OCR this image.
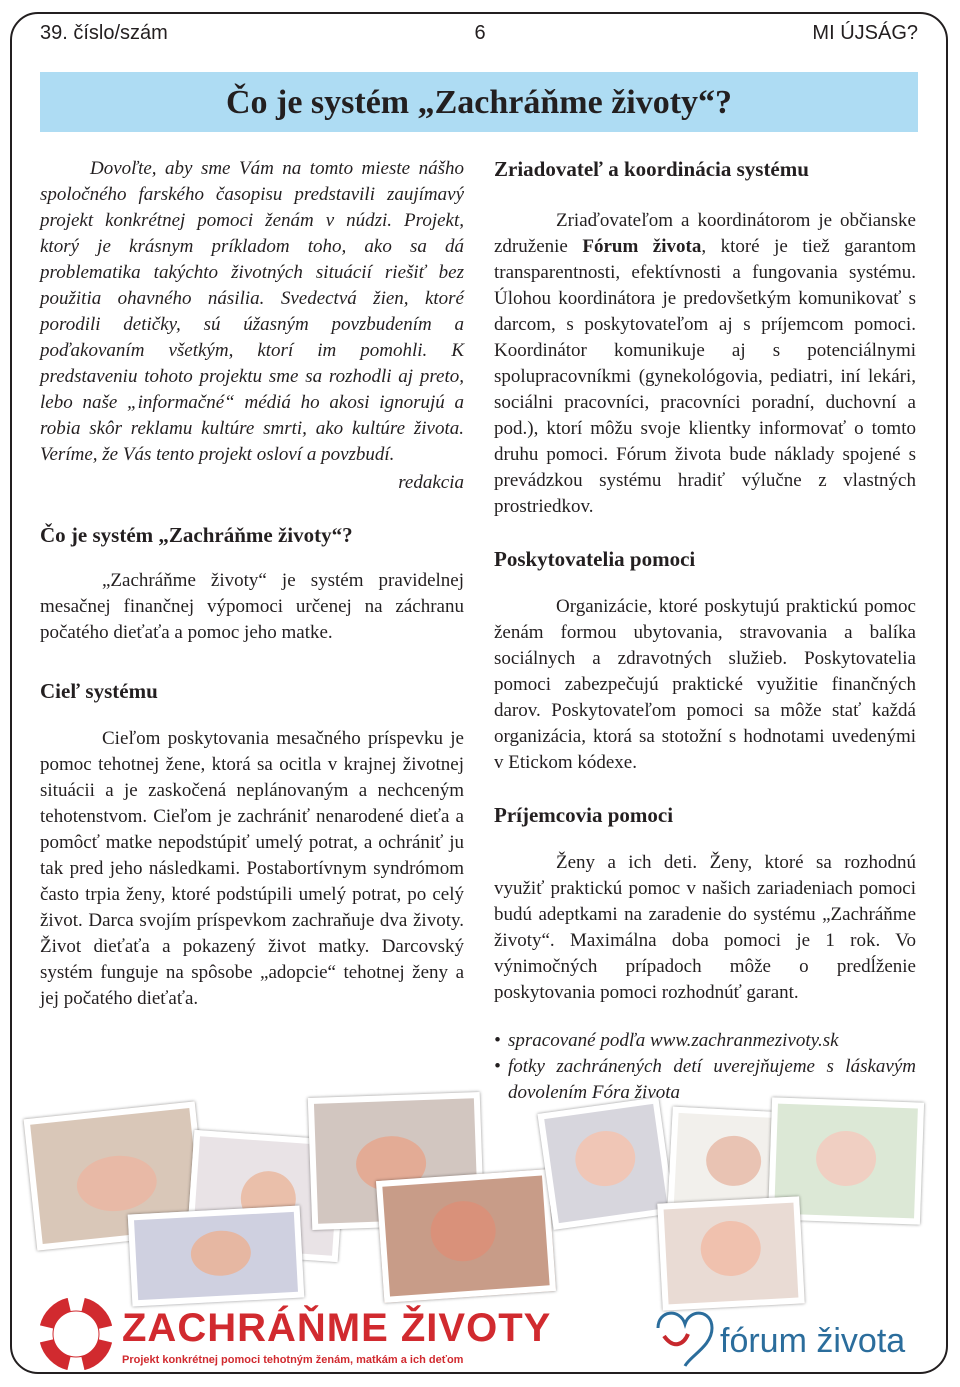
39. číslo/szám	6	MI ÚJSÁG?
Čo je systém „Zachráňme životy“?

Dovoľte, aby sme Vám na tomto mieste nášho spoločného farského časopisu predstavili zaujímavý projekt konkrétnej pomoci ženám v núdzi. Projekt, ktorý je krásnym príkladom toho, ako sa dá problematika takýchto životných situácií riešiť bez použitia ohavného násilia. Svedectvá žien, ktoré porodili detičky, sú úžasným povzbudením a poďakovaním všetkým, ktorí im pomohli. K predstaveniu tohoto projektu sme sa rozhodli aj preto, lebo naše „informačné“ médiá ho akosi ignorujú a robia skôr reklamu kultúre smrti, ako kultúre života. Veríme, že Vás tento projekt osloví a povzbudí.

redakcia

Čo je systém „Zachráňme životy“?

„Zachráňme životy“ je systém pravidelnej mesačnej finančnej výpomoci určenej na záchranu počatého dieťaťa a pomoc jeho matke.

Cieľ systému

Cieľom poskytovania mesačného príspevku je pomoc tehotnej žene, ktorá sa ocitla v krajnej životnej situácii a je zaskočená neplánovaným a nechceným tehotenstvom. Cieľom je zachrániť nenarodené dieťa a pomôcť matke nepodstúpiť umelý potrat, a ochrániť ju tak pred jeho následkami. Postabortívnym syndrómom často trpia ženy, ktoré podstúpili umelý potrat, po celý život. Darca svojím príspevkom zachraňuje dva životy. Život dieťaťa a pokazený život matky. Darcovský systém funguje na spôsobe „adopcie“ tehotnej ženy a jej počatého dieťaťa.

Zriadovateľ a koordinácia systému

Zriaďovateľom a koordinátorom je občianske združenie Fórum života, ktoré je tiež garantom transparentnosti, efektívnosti a fungovania systému. Úlohou koordinátora je predovšetkým komunikovať s darcom, s poskytovateľom aj s príjemcom pomoci. Koordinátor komunikuje aj s potenciálnymi spolupracovníkmi (gynekológovia, pediatri, iní lekári, sociálni pracovníci, pracovníci poradní, duchovní a pod.), ktorí môžu svoje klientky informovať o tomto druhu pomoci. Fórum života bude náklady spojené s prevádzkou systému hradiť výlučne z vlastných prostriedkov.

Poskytovatelia pomoci

Organizácie, ktoré poskytujú praktickú pomoc ženám formou ubytovania, stravovania a balíka sociálnych a zdravotných služieb. Poskytovatelia pomoci zabezpečujú praktické využitie finančných darov. Poskytovateľom pomoci sa môže stať každá organizácia, ktorá sa stotožní s hodnotami uvedenými v Etickom kódexe.

Príjemcovia pomoci

Ženy a ich deti. Ženy, ktoré sa rozhodnú využiť praktickú pomoc v našich zariadeniach pomoci budú adeptkami na zaradenie do systému „Zachráňme životy“. Maximálna doba pomoci je 1 rok. Vo výnimočných prípadoch môže o predĺženie poskytovania pomoci rozhodnúť garant.

• spracované podľa www.zachranmezivoty.sk
• fotky zachránených detí uverejňujeme s láskavým dovolením Fóra života
ZACHRÁŇME ŽIVOTY
Projekt konkrétnej pomoci tehotným ženám, matkám a ich deťom	fórum života
